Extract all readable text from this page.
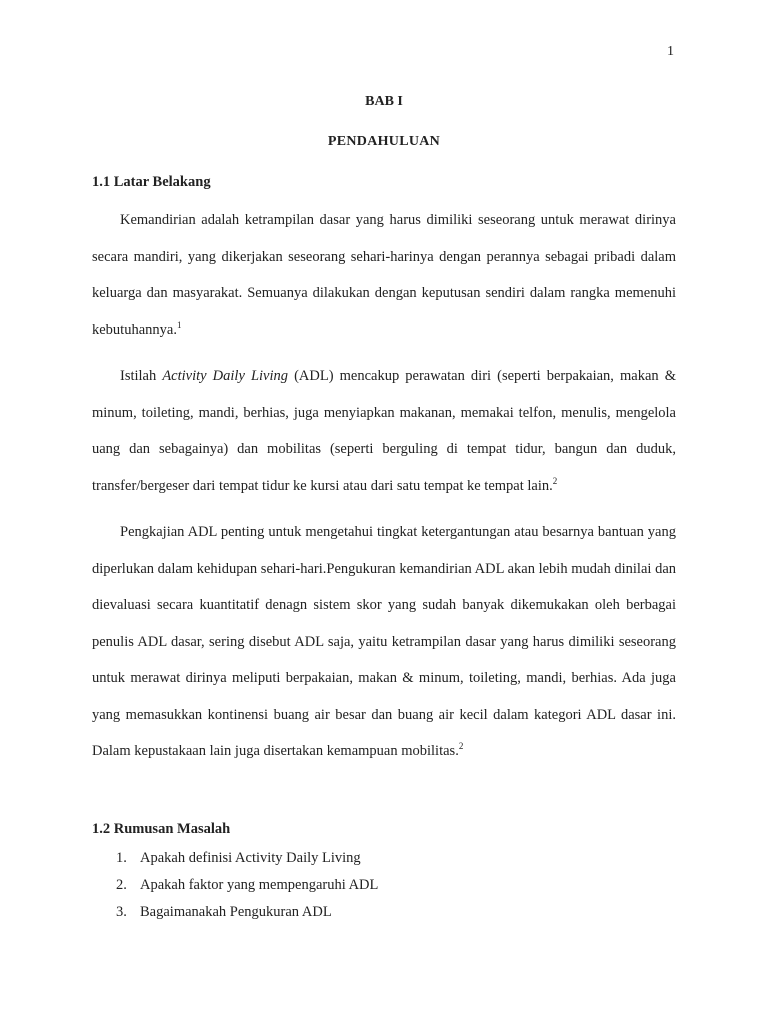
1
BAB I
PENDAHULUAN
1.1 Latar Belakang

Kemandirian adalah ketrampilan dasar yang harus dimiliki seseorang untuk merawat dirinya secara mandiri, yang dikerjakan seseorang sehari-harinya dengan perannya sebagai pribadi dalam keluarga dan masyarakat. Semuanya dilakukan dengan keputusan sendiri dalam rangka memenuhi kebutuhannya.$^1$

Istilah Activity Daily Living (ADL) mencakup perawatan diri (seperti berpakaian, makan & minum, toileting, mandi, berhias, juga menyiapkan makanan, memakai telfon, menulis, mengelola uang dan sebagainya) dan mobilitas (seperti berguling di tempat tidur, bangun dan duduk, transfer/bergeser dari tempat tidur ke kursi atau dari satu tempat ke tempat lain.$^2$

Pengkajian ADL penting untuk mengetahui tingkat ketergantungan atau besarnya bantuan yang diperlukan dalam kehidupan sehari-hari.Pengukuran kemandirian ADL akan lebih mudah dinilai dan dievaluasi secara kuantitatif denagn sistem skor yang sudah banyak dikemukakan oleh berbagai penulis ADL dasar, sering disebut ADL saja, yaitu ketrampilan dasar yang harus dimiliki seseorang untuk merawat dirinya meliputi berpakaian, makan & minum, toileting, mandi, berhias. Ada juga yang memasukkan kontinensi buang air besar dan buang air kecil dalam kategori ADL dasar ini. Dalam kepustakaan lain juga disertakan kemampuan mobilitas.$^2$

1.2 Rumusan Masalah
1. Apakah definisi Activity Daily Living
2. Apakah faktor yang mempengaruhi ADL
3. Bagaimanakah Pengukuran ADL
